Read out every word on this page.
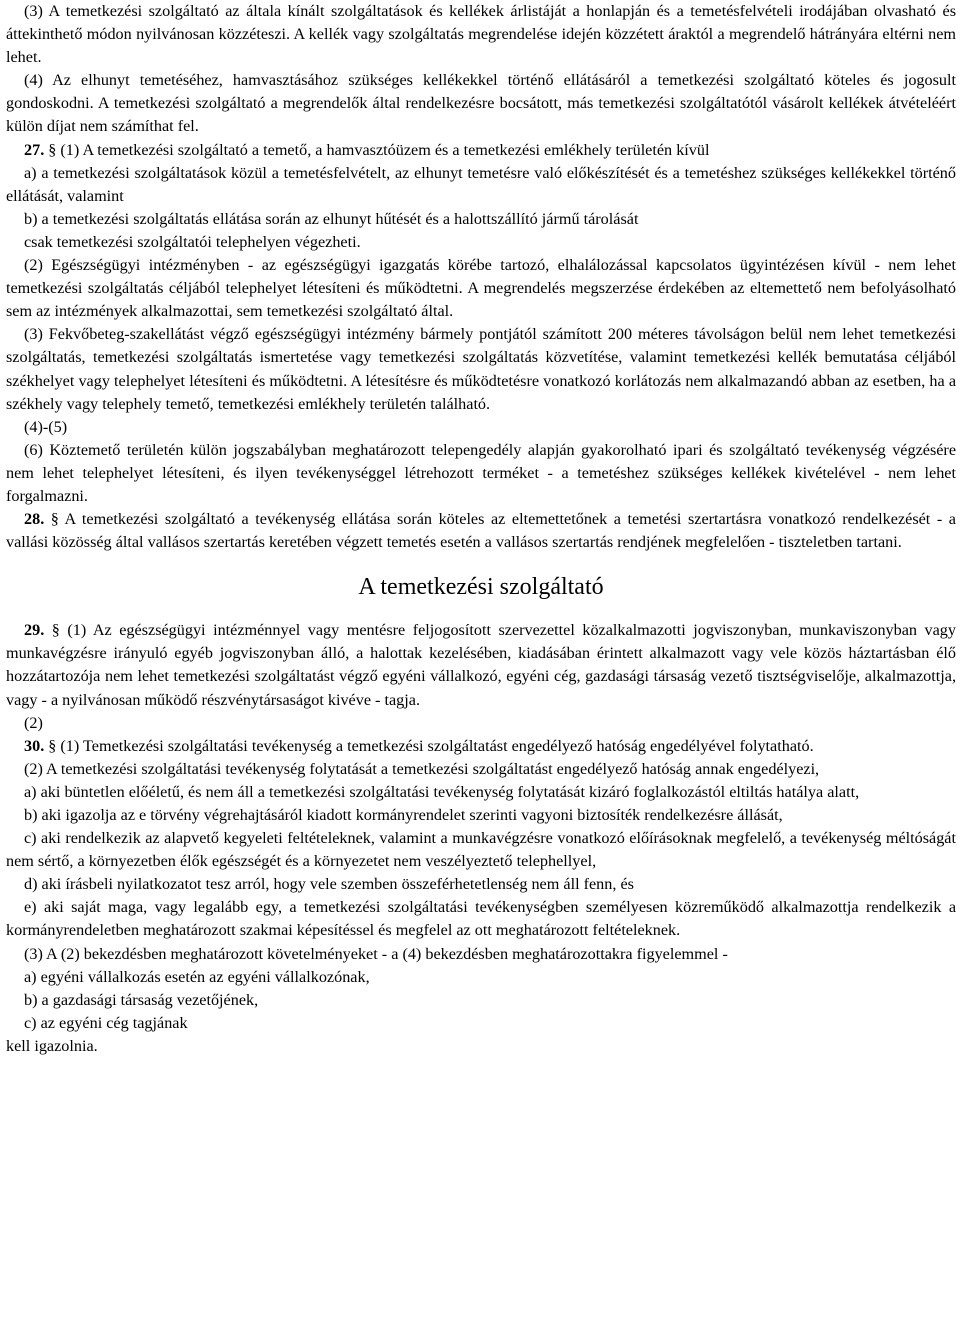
(3) A temetkezési szolgáltató az általa kínált szolgáltatások és kellékek árlistáját a honlapján és a temetésfelvételi irodájában olvasható és áttekinthető módon nyilvánosan közzéteszi. A kellék vagy szolgáltatás megrendelése idején közzétett áraktól a megrendelő hátrányára eltérni nem lehet.

(4) Az elhunyt temetéséhez, hamvasztásához szükséges kellékekkel történő ellátásáról a temetkezési szolgáltató köteles és jogosult gondoskodni. A temetkezési szolgáltató a megrendelők által rendelkezésre bocsátott, más temetkezési szolgáltatótól vásárolt kellékek átvételéért külön díjat nem számíthat fel.

27. § (1) A temetkezési szolgáltató a temető, a hamvasztóüzem és a temetkezési emlékhely területén kívül

a) a temetkezési szolgáltatások közül a temetésfelvételt, az elhunyt temetésre való előkészítését és a temetéshez szükséges kellékekkel történő ellátását, valamint

b) a temetkezési szolgáltatás ellátása során az elhunyt hűtését és a halottszállító jármű tárolását

csak temetkezési szolgáltatói telephelyen végezheti.

(2) Egészségügyi intézményben - az egészségügyi igazgatás körébe tartozó, elhalálozással kapcsolatos ügyintézésen kívül - nem lehet temetkezési szolgáltatás céljából telephelyet létesíteni és működtetni. A megrendelés megszerzése érdekében az eltemettető nem befolyásolható sem az intézmények alkalmazottai, sem temetkezési szolgáltató által.

(3) Fekvőbeteg-szakellátást végző egészségügyi intézmény bármely pontjától számított 200 méteres távolságon belül nem lehet temetkezési szolgáltatás, temetkezési szolgáltatás ismertetése vagy temetkezési szolgáltatás közvetítése, valamint temetkezési kellék bemutatása céljából székhelyet vagy telephelyet létesíteni és működtetni. A létesítésre és működtetésre vonatkozó korlátozás nem alkalmazandó abban az esetben, ha a székhely vagy telephely temető, temetkezési emlékhely területén található.

(4)-(5)

(6) Köztemető területén külön jogszabályban meghatározott telepengedély alapján gyakorolható ipari és szolgáltató tevékenység végzésére nem lehet telephelyet létesíteni, és ilyen tevékenységgel létrehozott terméket - a temetéshez szükséges kellékek kivételével - nem lehet forgalmazni.

28. § A temetkezési szolgáltató a tevékenység ellátása során köteles az eltemettetőnek a temetési szertartásra vonatkozó rendelkezését - a vallási közösség által vallásos szertartás keretében végzett temetés esetén a vallásos szertartás rendjének megfelelően - tiszteletben tartani.

A temetkezési szolgáltató

29. § (1) Az egészségügyi intézménnyel vagy mentésre feljogosított szervezettel közalkalmazotti jogviszonyban, munkaviszonyban vagy munkavégzésre irányuló egyéb jogviszonyban álló, a halottak kezelésében, kiadásában érintett alkalmazott vagy vele közös háztartásban élő hozzátartozója nem lehet temetkezési szolgáltatást végző egyéni vállalkozó, egyéni cég, gazdasági társaság vezető tisztségviselője, alkalmazottja, vagy - a nyilvánosan működő részvénytársaságot kivéve - tagja.

(2)

30. § (1) Temetkezési szolgáltatási tevékenység a temetkezési szolgáltatást engedélyező hatóság engedélyével folytatható.

(2) A temetkezési szolgáltatási tevékenység folytatását a temetkezési szolgáltatást engedélyező hatóság annak engedélyezi,

a) aki büntetlen előéletű, és nem áll a temetkezési szolgáltatási tevékenység folytatását kizáró foglalkozástól eltiltás hatálya alatt,

b) aki igazolja az e törvény végrehajtásáról kiadott kormányrendelet szerinti vagyoni biztosíték rendelkezésre állását,

c) aki rendelkezik az alapvető kegyeleti feltételeknek, valamint a munkavégzésre vonatkozó előírásoknak megfelelő, a tevékenység méltóságát nem sértő, a környezetben élők egészségét és a környezetet nem veszélyeztető telephellyel,

d) aki írásbeli nyilatkozatot tesz arról, hogy vele szemben összeférhetetlenség nem áll fenn, és

e) aki saját maga, vagy legalább egy, a temetkezési szolgáltatási tevékenységben személyesen közreműködő alkalmazottja rendelkezik a kormányrendeletben meghatározott szakmai képesítéssel és megfelel az ott meghatározott feltételeknek.

(3) A (2) bekezdésben meghatározott követelményeket - a (4) bekezdésben meghatározottakra figyelemmel -

a) egyéni vállalkozás esetén az egyéni vállalkozónak,

b) a gazdasági társaság vezetőjének,

c) az egyéni cég tagjának

kell igazolnia.
